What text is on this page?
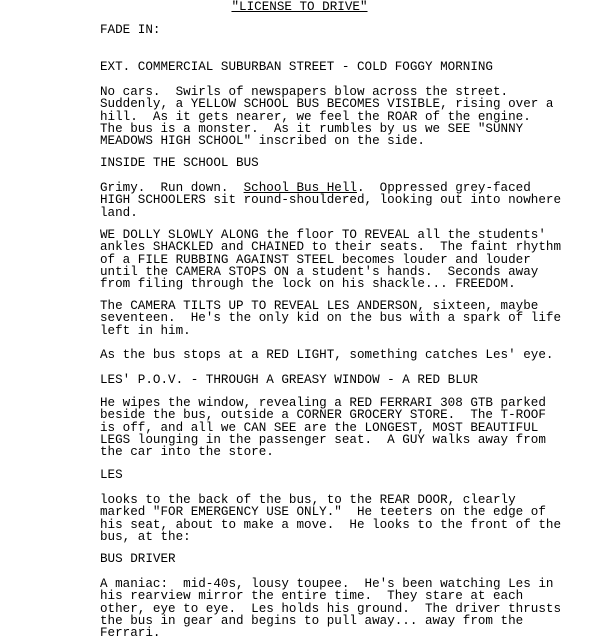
"LICENSE TO DRIVE"
FADE IN:
EXT. COMMERCIAL SUBURBAN STREET - COLD FOGGY MORNING
No cars.  Swirls of newspapers blow across the street.
Suddenly, a YELLOW SCHOOL BUS BECOMES VISIBLE, rising over a
hill.  As it gets nearer, we feel the ROAR of the engine.
The bus is a monster.  As it rumbles by us we SEE "SUNNY
MEADOWS HIGH SCHOOL" inscribed on the side.
INSIDE THE SCHOOL BUS
Grimy.  Run down.  School Bus Hell.  Oppressed grey-faced
HIGH SCHOOLERS sit round-shouldered, looking out into nowhere
land.
WE DOLLY SLOWLY ALONG the floor TO REVEAL all the students'
ankles SHACKLED and CHAINED to their seats.  The faint rhythm
of a FILE RUBBING AGAINST STEEL becomes louder and louder
until the CAMERA STOPS ON a student's hands.  Seconds away
from filing through the lock on his shackle... FREEDOM.
The CAMERA TILTS UP TO REVEAL LES ANDERSON, sixteen, maybe
seventeen.  He's the only kid on the bus with a spark of life
left in him.
As the bus stops at a RED LIGHT, something catches Les' eye.
LES' P.O.V. - THROUGH A GREASY WINDOW - A RED BLUR
He wipes the window, revealing a RED FERRARI 308 GTB parked
beside the bus, outside a CORNER GROCERY STORE.  The T-ROOF
is off, and all we CAN SEE are the LONGEST, MOST BEAUTIFUL
LEGS lounging in the passenger seat.  A GUY walks away from
the car into the store.
LES
looks to the back of the bus, to the REAR DOOR, clearly
marked "FOR EMERGENCY USE ONLY."  He teeters on the edge of
his seat, about to make a move.  He looks to the front of the
bus, at the:
BUS DRIVER
A maniac:  mid-40s, lousy toupee.  He's been watching Les in
his rearview mirror the entire time.  They stare at each
other, eye to eye.  Les holds his ground.  The driver thrusts
the bus in gear and begins to pull away... away from the
Ferrari.
